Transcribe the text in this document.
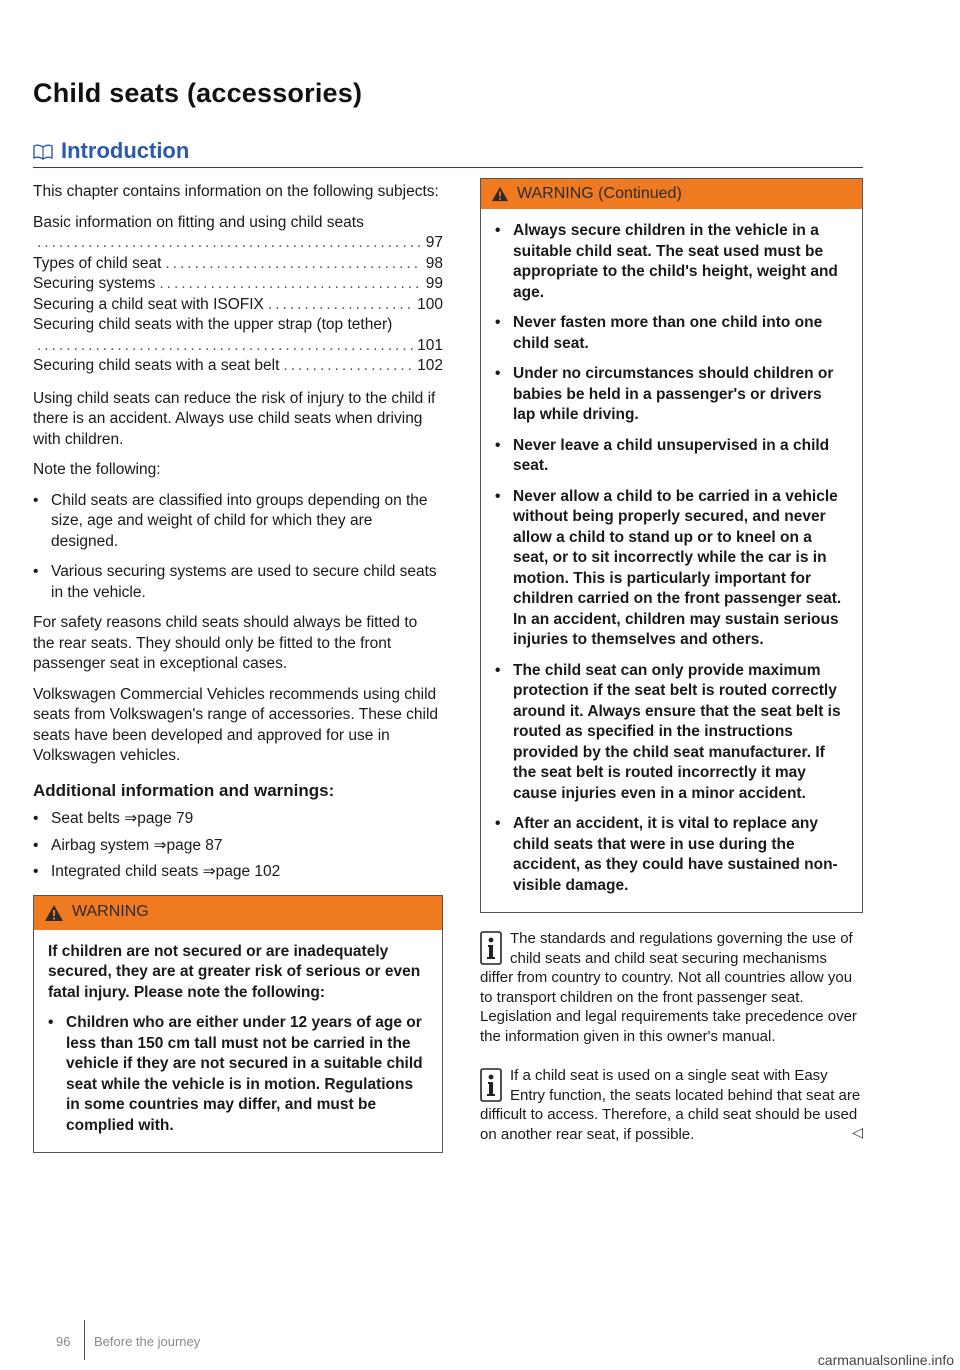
Child seats (accessories)
Introduction

This chapter contains information on the following subjects:

Basic information on fitting and using child seats
.....
97
Types of child seat .....	98
Securing systems .....	99
Securing a child seat with ISOFIX .....	100
Securing child seats with the upper strap (top tether)
.....
101
Securing child seats with a seat belt .....	102

Using child seats can reduce the risk of injury to the child if there is an accident. Always use child seats when driving with children.

Note the following:

• Child seats are classified into groups depending on the size, age and weight of child for which they are designed.
• Various securing systems are used to secure child seats in the vehicle.

For safety reasons child seats should always be fitted to the rear seats. They should only be fitted to the front passenger seat in exceptional cases.

Volkswagen Commercial Vehicles recommends using child seats from Volkswagen's range of accessories. These child seats have been developed and approved for use in Volkswagen vehicles.

Additional information and warnings:
• Seat belts ⇒page 79
• Airbag system ⇒page 87
• Integrated child seats ⇒page 102
WARNING

If children are not secured or are inadequately secured, they are at greater risk of serious or even fatal injury. Please note the following:

• Children who are either under 12 years of age or less than 150 cm tall must not be carried in the vehicle if they are not secured in a suitable child seat while the vehicle is in motion. Regulations in some countries may differ, and must be complied with.
WARNING (Continued)
• Always secure children in the vehicle in a suitable child seat. The seat used must be appropriate to the child's height, weight and age.
• Never fasten more than one child into one child seat.
• Under no circumstances should children or babies be held in a passenger's or drivers lap while driving.
• Never leave a child unsupervised in a child seat.
• Never allow a child to be carried in a vehicle without being properly secured, and never allow a child to stand up or to kneel on a seat, or to sit incorrectly while the car is in motion. This is particularly important for children carried on the front passenger seat. In an accident, children may sustain serious injuries to themselves and others.
• The child seat can only provide maximum protection if the seat belt is routed correctly around it. Always ensure that the seat belt is routed as specified in the instructions provided by the child seat manufacturer. If the seat belt is routed incorrectly it may cause injuries even in a minor accident.
• After an accident, it is vital to replace any child seats that were in use during the accident, as they could have sustained non-visible damage.
The standards and regulations governing the use of child seats and child seat securing mechanisms differ from country to country. Not all countries allow you to transport children on the front passenger seat. Legislation and legal requirements take precedence over the information given in this owner's manual.
If a child seat is used on a single seat with Easy Entry function, the seats located behind that seat are difficult to access. Therefore, a child seat should be used on another rear seat, if possible.	◁
96 Before the journey
carmanualsonline.info
